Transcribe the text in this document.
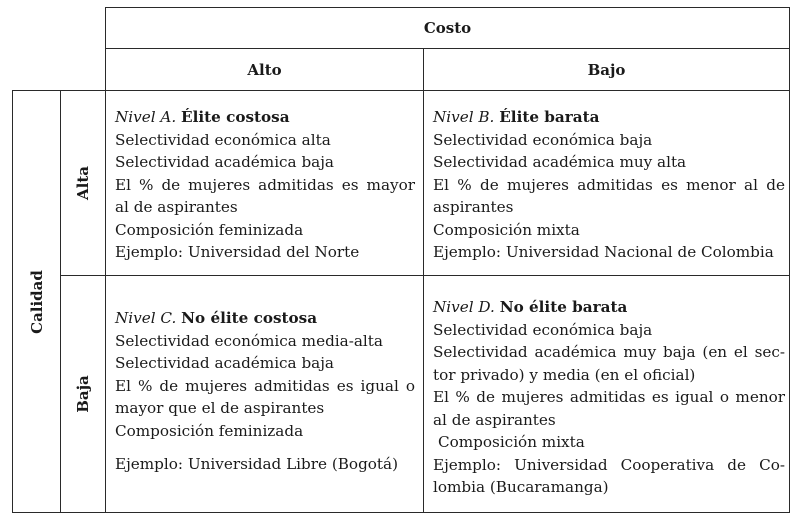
Costo
Alto	Bajo
Calidad
Alta
Baja
Nivel A. Élite costosa
Selectividad económica alta
Selectividad académica baja
El % de mujeres admitidas es mayor
al de aspirantes
Composición feminizada
Ejemplo: Universidad del Norte
Nivel B. Élite barata
Selectividad económica baja
Selectividad académica muy alta
El % de mujeres admitidas es menor al de
aspirantes
Composición mixta
Ejemplo: Universidad Nacional de Colombia
Nivel C. No élite costosa
Selectividad económica media-alta
Selectividad académica baja
El % de mujeres admitidas es igual o
mayor que el de aspirantes
Composición feminizada
Ejemplo: Universidad Libre (Bogotá)
Nivel D. No élite barata
Selectividad económica baja
Selectividad académica muy baja (en el sec-
tor privado) y media (en el oficial)
El % de mujeres admitidas es igual o menor
al de aspirantes
Composición mixta
Ejemplo: Universidad Cooperativa de Co-
lombia (Bucaramanga)
